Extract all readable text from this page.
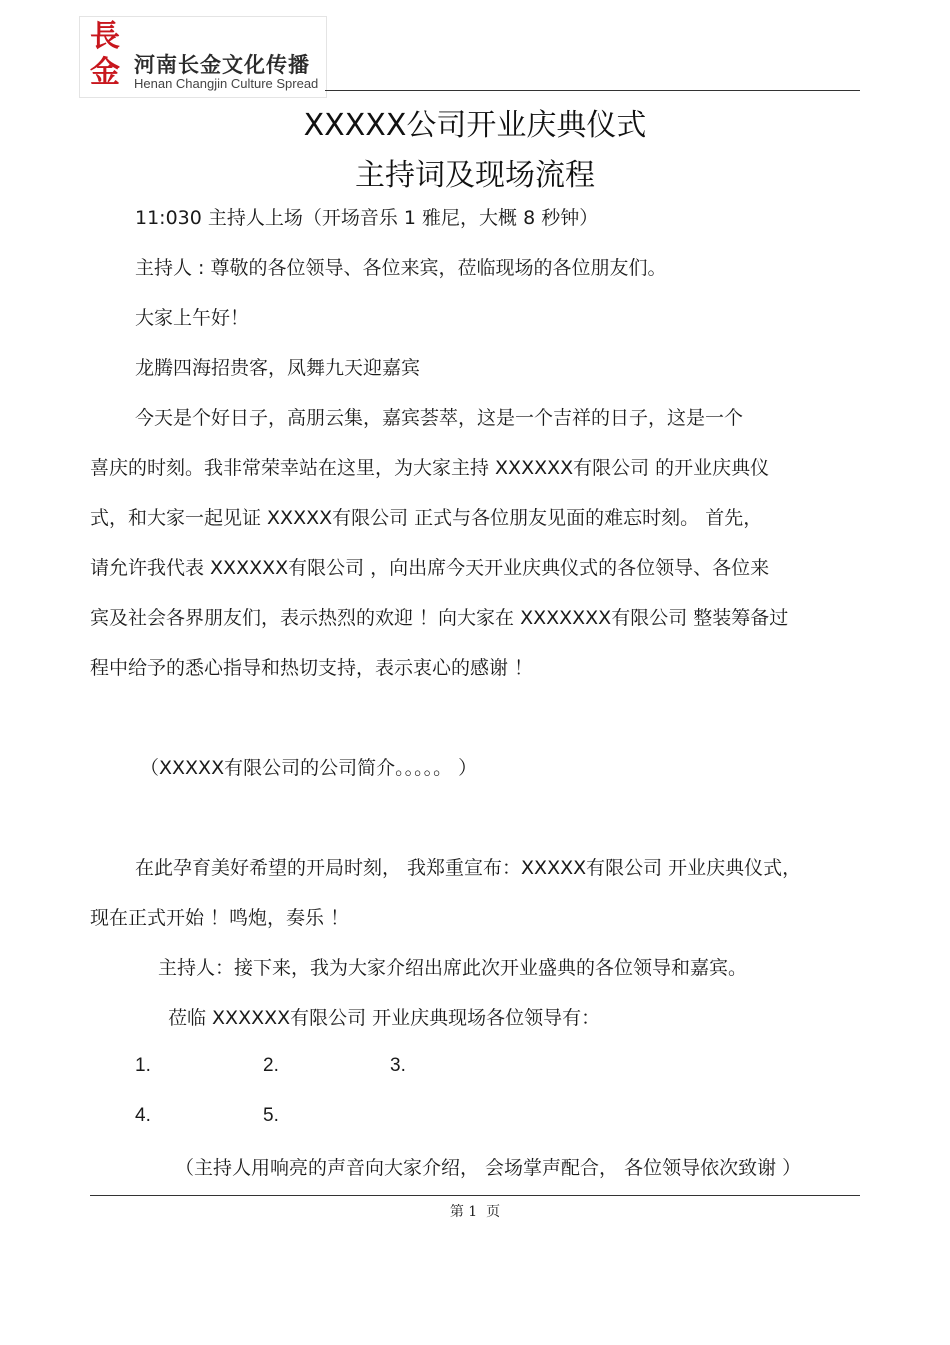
長
金 河南长金文化传播
Henan Changjin Culture Spread
XXXXX公司开业庆典仪式
主持词及现场流程
11:030 主持人上场（开场音乐 1 雅尼，大概 8 秒钟）
主持人 : 尊敬的各位领导、各位来宾，莅临现场的各位朋友们。
大家上午好！
龙腾四海招贵客，凤舞九天迎嘉宾
今天是个好日子，高朋云集，嘉宾荟萃，这是一个吉祥的日子，这是一个
喜庆的时刻。我非常荣幸站在这里，为大家主持 XXXXXX有限公司 的开业庆典仪
式，和大家一起见证 XXXXX有限公司 正式与各位朋友见面的难忘时刻。 首先，
请允许我代表 XXXXXX有限公司 ，向出席今天开业庆典仪式的各位领导、各位来
宾及社会各界朋友们，表示热烈的欢迎 ！向大家在 XXXXXXX有限公司 整装筹备过
程中给予的悉心指导和热切支持，表示衷心的感谢 ！
（XXXXX有限公司的公司简介。。。。。 ）
在此孕育美好希望的开局时刻， 我郑重宣布：XXXXX有限公司 开业庆典仪式，
现在正式开始 ！鸣炮，奏乐 ！
主持人：接下来，我为大家介绍出席此次开业盛典的各位领导和嘉宾。
莅临 XXXXXX有限公司 开业庆典现场各位领导有：
1.	2.	3.
4.	5.
（主持人用响亮的声音向大家介绍， 会场掌声配合， 各位领导依次致谢 ）
第 1  页
